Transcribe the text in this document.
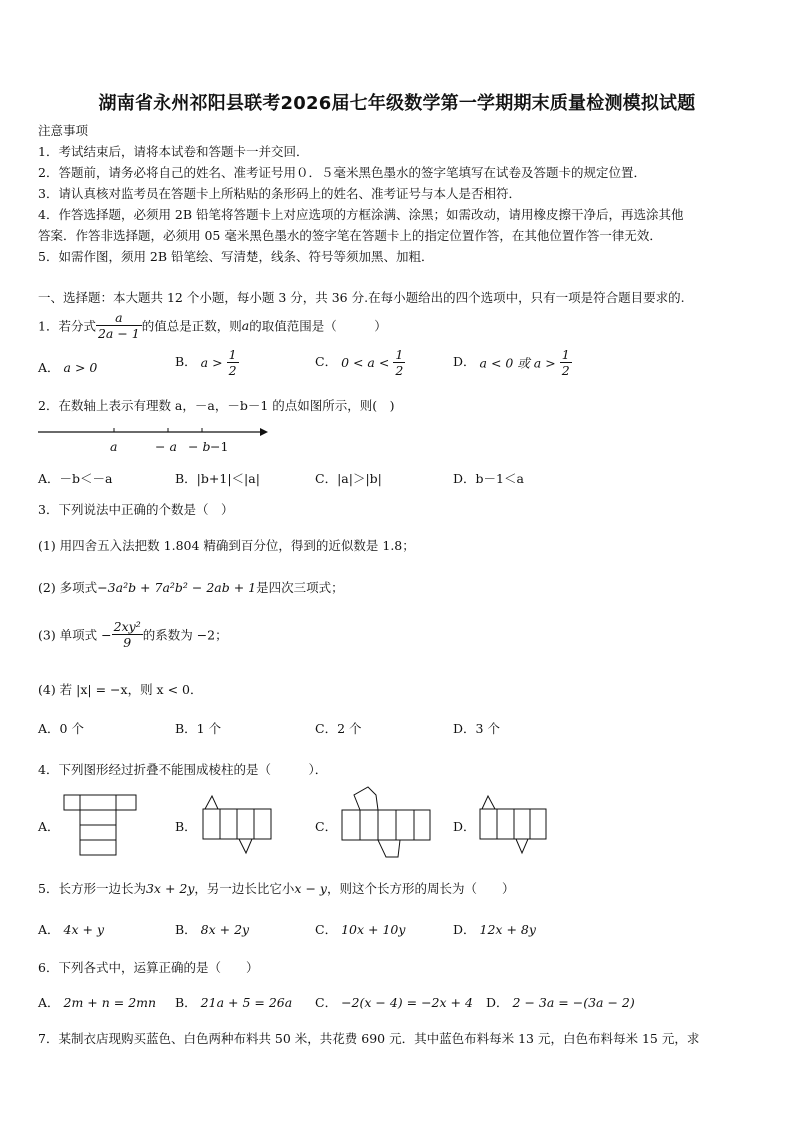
湖南省永州祁阳县联考2026届七年级数学第一学期期末质量检测模拟试题
注意事项
1．考试结束后，请将本试卷和答题卡一并交回．
2．答题前，请务必将自己的姓名、准考证号用０．５毫米黑色墨水的签字笔填写在试卷及答题卡的规定位置．
3．请认真核对监考员在答题卡上所粘贴的条形码上的姓名、准考证号与本人是否相符．
4．作答选择题，必须用 2B 铅笔将答题卡上对应选项的方框涂满、涂黑；如需改动，请用橡皮擦干净后，再选涂其他
答案．作答非选择题，必须用 05 毫米黑色墨水的签字笔在答题卡上的指定位置作答，在其他位置作答一律无效．
5．如需作图，须用 2B 铅笔绘、写清楚，线条、符号等须加黑、加粗．
一、选择题：本大题共 12 个小题，每小题 3 分，共 36 分.在每小题给出的四个选项中，只有一项是符合题目要求的.
1．若分式 $\frac{a}{2a - 1}$ 的值总是正数，则a的取值范围是（　　　）
A． a > 0	B． $a > \frac{1}{2}$	C． $0 < a < \frac{1}{2}$	D． a < 0 或 $a > \frac{1}{2}$
2．在数轴上表示有理数 a，－a，－b－1 的点如图所示，则(　)
a	− a − b −1
A．－b＜－a	B．|b+1|＜|a|	C．|a|＞|b|	D．b－1＜a
3．下列说法中正确的个数是（　）
(1) 用四舍五入法把数 1.804 精确到百分位，得到的近似数是 1.8；
(2) 多项式−3a²b + 7a²b² − 2ab + 1是四次三项式；
(3) 单项式 − $\frac{\text{2xy²}}{9}$ 的系数为 −2；
(4) 若 |x| = −x，则 x < 0．
A．0 个	B．1 个	C．2 个	D．3 个
4．下列图形经过折叠不能围成棱柱的是（　　　）．
A．	B．	C．	D．
5．长方形一边长为3x + 2y，另一边长比它小x − y，则这个长方形的周长为（　　）
A． 4x + y	B． 8x + 2y	C． 10x + 10y	D． 12x + 8y
6．下列各式中，运算正确的是（　　）
A． 2m + n = 2mn B． 21a + 5 = 26a C． −2(x − 4) = −2x + 4 D． 2 − 3a = −(3a − 2)
7．某制衣店现购买蓝色、白色两种布料共 50 米，共花费 690 元．其中蓝色布料每米 13 元，白色布料每米 15 元，求
